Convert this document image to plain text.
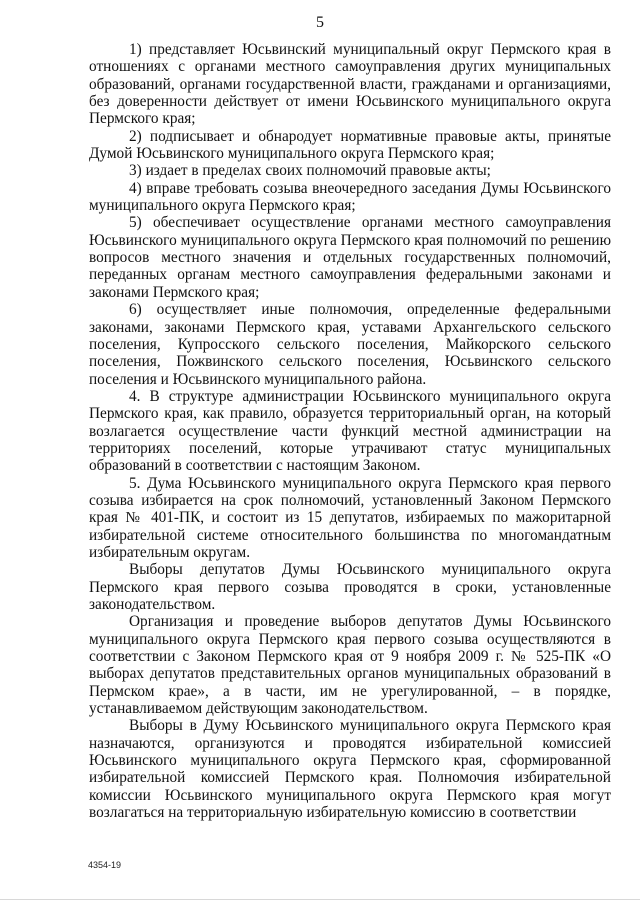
5

1) представляет Юсьвинский муниципальный округ Пермского края в отношениях с органами местного самоуправления других муниципальных образований, органами государственной власти, гражданами и организациями, без доверенности действует от имени Юсьвинского муниципального округа Пермского края;

2) подписывает и обнародует нормативные правовые акты, принятые Думой Юсьвинского муниципального округа Пермского края;

3) издает в пределах своих полномочий правовые акты;

4) вправе требовать созыва внеочередного заседания Думы Юсьвинского муниципального округа Пермского края;

5) обеспечивает осуществление органами местного самоуправления Юсьвинского муниципального округа Пермского края полномочий по решению вопросов местного значения и отдельных государственных полномочий, переданных органам местного самоуправления федеральными законами и законами Пермского края;

6) осуществляет иные полномочия, определенные федеральными законами, законами Пермского края, уставами Архангельского сельского поселения, Купросского сельского поселения, Майкорского сельского поселения, Пожвинского сельского поселения, Юсьвинского сельского поселения и Юсьвинского муниципального района.

4. В структуре администрации Юсьвинского муниципального округа Пермского края, как правило, образуется территориальный орган, на который возлагается осуществление части функций местной администрации на территориях поселений, которые утрачивают статус муниципальных образований в соответствии с настоящим Законом.

5. Дума Юсьвинского муниципального округа Пермского края первого созыва избирается на срок полномочий, установленный Законом Пермского края № 401-ПК, и состоит из 15 депутатов, избираемых по мажоритарной избирательной системе относительного большинства по многомандатным избирательным округам.

Выборы депутатов Думы Юсьвинского муниципального округа Пермского края первого созыва проводятся в сроки, установленные законодательством.

Организация и проведение выборов депутатов Думы Юсьвинского муниципального округа Пермского края первого созыва осуществляются в соответствии с Законом Пермского края от 9 ноября 2009 г. № 525-ПК «О выборах депутатов представительных органов муниципальных образований в Пермском крае», а в части, им не урегулированной, – в порядке, устанавливаемом действующим законодательством.

Выборы в Думу Юсьвинского муниципального округа Пермского края назначаются, организуются и проводятся избирательной комиссией Юсьвинского муниципального округа Пермского края, сформированной избирательной комиссией Пермского края. Полномочия избирательной комиссии Юсьвинского муниципального округа Пермского края могут возлагаться на территориальную избирательную комиссию в соответствии

4354-19
